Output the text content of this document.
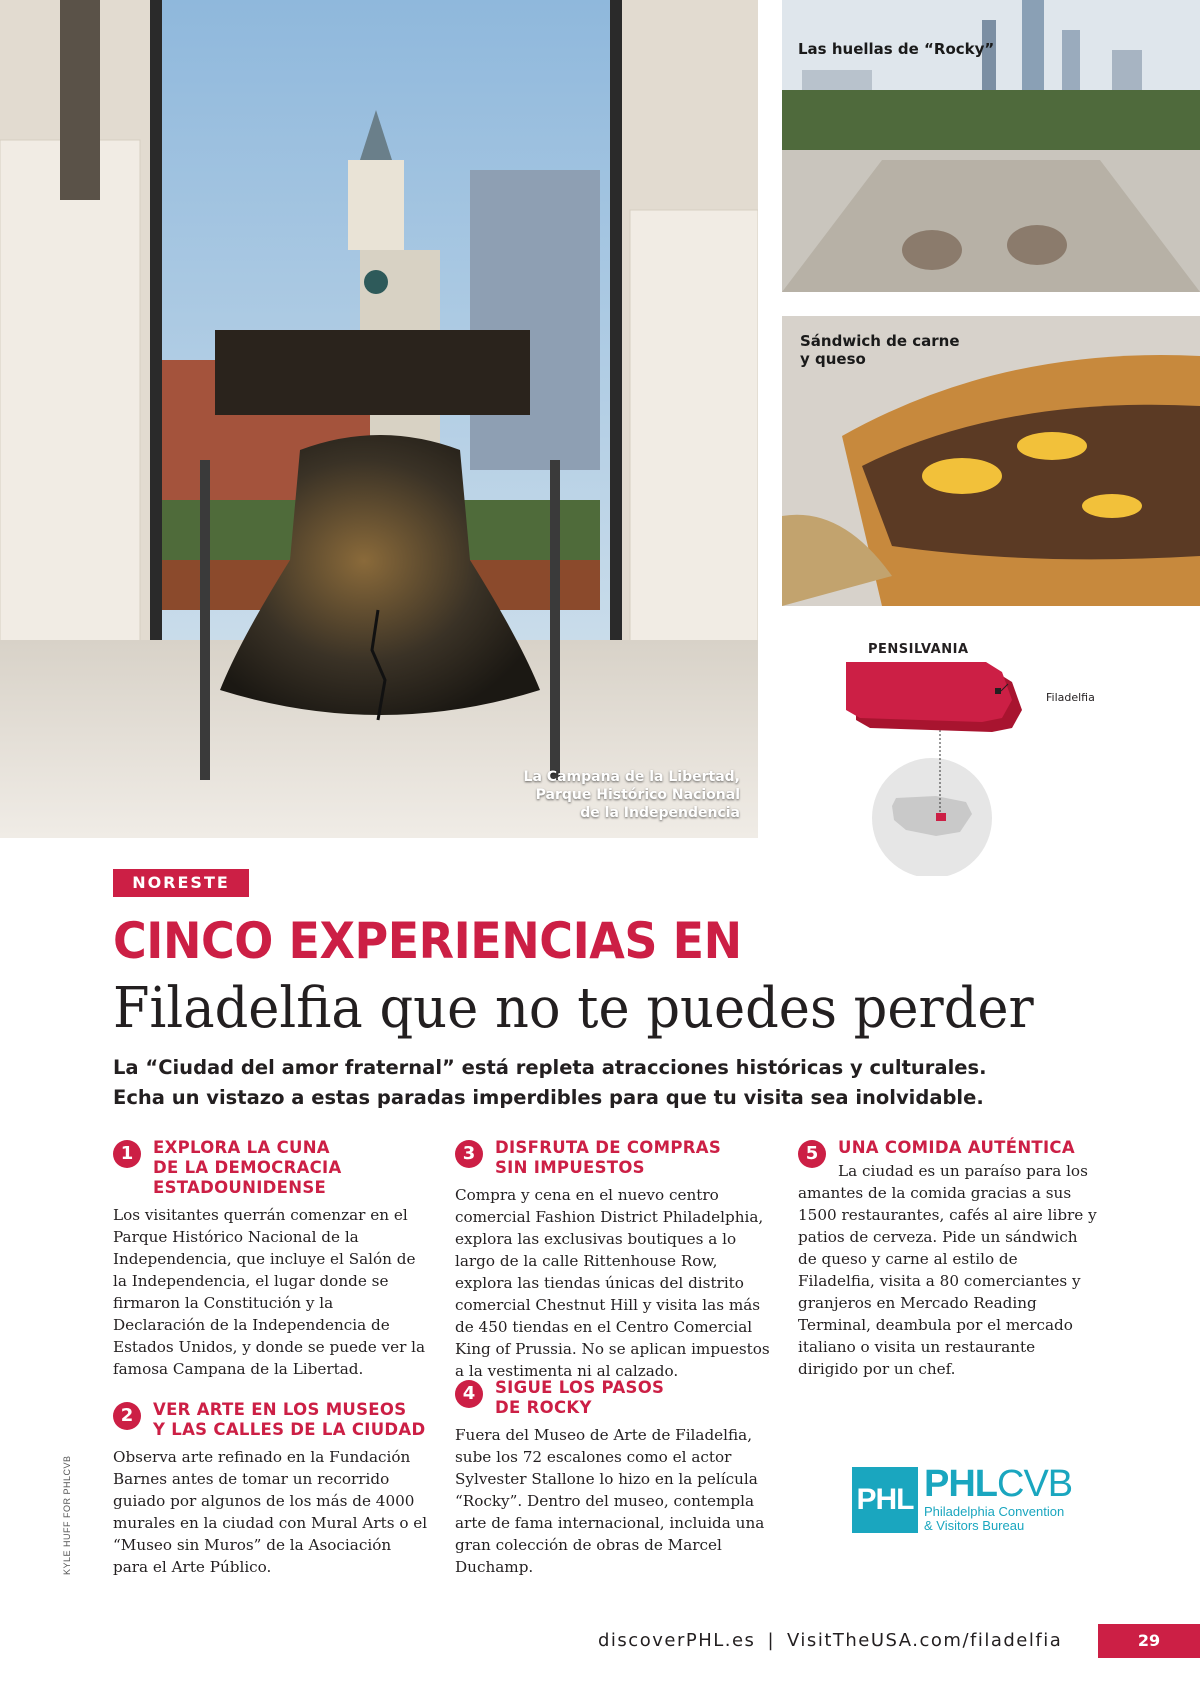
La Campana de la Libertad,
Parque Histórico Nacional
de la Independencia
Las huellas de “Rocky”
Sándwich de carne
y queso
PENSILVANIA
Filadelfia
NORESTE
CINCO EXPERIENCIAS EN
Filadelfia que no te puedes perder
La “Ciudad del amor fraternal” está repleta atracciones históricas y culturales.
Echa un vistazo a estas paradas imperdibles para que tu visita sea inolvidable.
1	EXPLORA LA CUNA
DE LA DEMOCRACIA
ESTADOUNIDENSE
Los visitantes querrán comenzar en el Parque Histórico Nacional de la Independencia, que incluye el Salón de la Independencia, el lugar donde se firmaron la Constitución y la Declaración de la Independencia de Estados Unidos, y donde se puede ver la famosa Campana de la Libertad.
2	VER ARTE EN LOS MUSEOS
Y LAS CALLES DE LA CIUDAD
Observa arte refinado en la Fundación Barnes antes de tomar un recorrido guiado por algunos de los más de 4000 murales en la ciudad con Mural Arts o el “Museo sin Muros” de la Asociación para el Arte Público.
3	DISFRUTA DE COMPRAS
SIN IMPUESTOS
Compra y cena en el nuevo centro comercial Fashion District Philadelphia, explora las exclusivas boutiques a lo largo de la calle Rittenhouse Row, explora las tiendas únicas del distrito comercial Chestnut Hill y visita las más de 450 tiendas en el Centro Comercial King of Prussia. No se aplican impuestos a la vestimenta ni al calzado.
4	SIGUE LOS PASOS
DE ROCKY
Fuera del Museo de Arte de Filadelfia, sube los 72 escalones como el actor Sylvester Stallone lo hizo en la película “Rocky”. Dentro del museo, contempla arte de fama internacional, incluida una gran colección de obras de Marcel Duchamp.
5	UNA COMIDA AUTÉNTICA
La ciudad es un paraíso para los amantes de la comida gracias a sus 1500 restaurantes, cafés al aire libre y patios de cerveza. Pide un sándwich de queso y carne al estilo de Filadelfia, visita a 80 comerciantes y granjeros en Mercado Reading Terminal, deambula por el mercado italiano o visita un restaurante dirigido por un chef.
PHL PHLCVB
Philadelphia Convention
& Visitors Bureau
KYLE HUFF FOR PHLCVB
discoverPHL.es | VisitTheUSA.com/filadelfia	29
